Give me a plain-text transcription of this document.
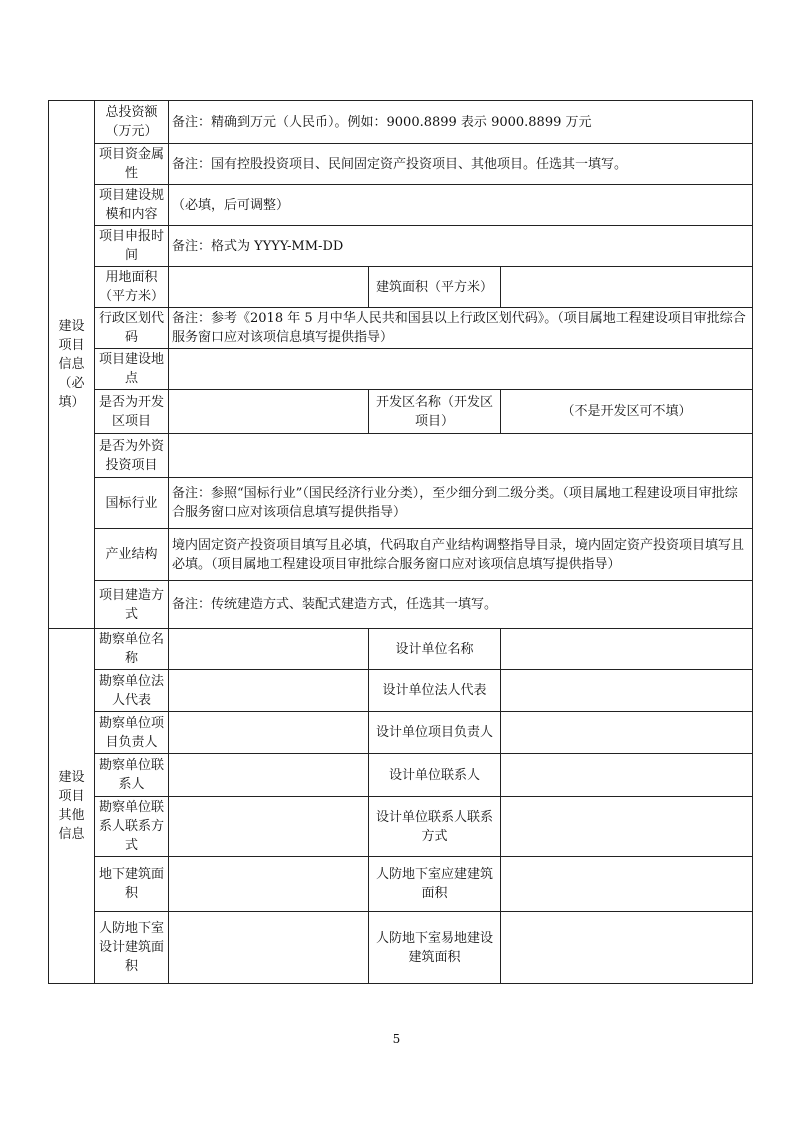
建设项目信息（必填）	总投资额（万元）	备注：精确到万元（人民币）。例如：9000.8899 表示 9000.8899 万元		
	项目资金属性	备注：国有控股投资项目、民间固定资产投资项目、其他项目。任选其一填写。		
	项目建设规模和内容	（必填，后可调整）		
	项目申报时间	备注：格式为 YYYY-MM-DD		
	用地面积（平方米）		建筑面积（平方米）	
	行政区划代码	备注：参考《2018 年 5 月中华人民共和国县以上行政区划代码》。（项目属地工程建设项目审批综合服务窗口应对该项信息填写提供指导）		
	项目建设地点			
	是否为开发区项目		开发区名称（开发区项目）	（不是开发区可不填）
	是否为外资投资项目			
	国标行业	备注：参照“国标行业”（国民经济行业分类），至少细分到二级分类。（项目属地工程建设项目审批综合服务窗口应对该项信息填写提供指导）		
	产业结构	境内固定资产投资项目填写且必填，代码取自产业结构调整指导目录，境内固定资产投资项目填写且必填。（项目属地工程建设项目审批综合服务窗口应对该项信息填写提供指导）		
	项目建造方式	备注：传统建造方式、装配式建造方式，任选其一填写。		
建设项目其他信息	勘察单位名称		设计单位名称	
	勘察单位法人代表		设计单位法人代表	
	勘察单位项目负责人		设计单位项目负责人	
	勘察单位联系人		设计单位联系人	
	勘察单位联系人联系方式		设计单位联系人联系方式	
	地下建筑面积		人防地下室应建建筑面积	
	人防地下室设计建筑面积		人防地下室易地建设建筑面积	
5
